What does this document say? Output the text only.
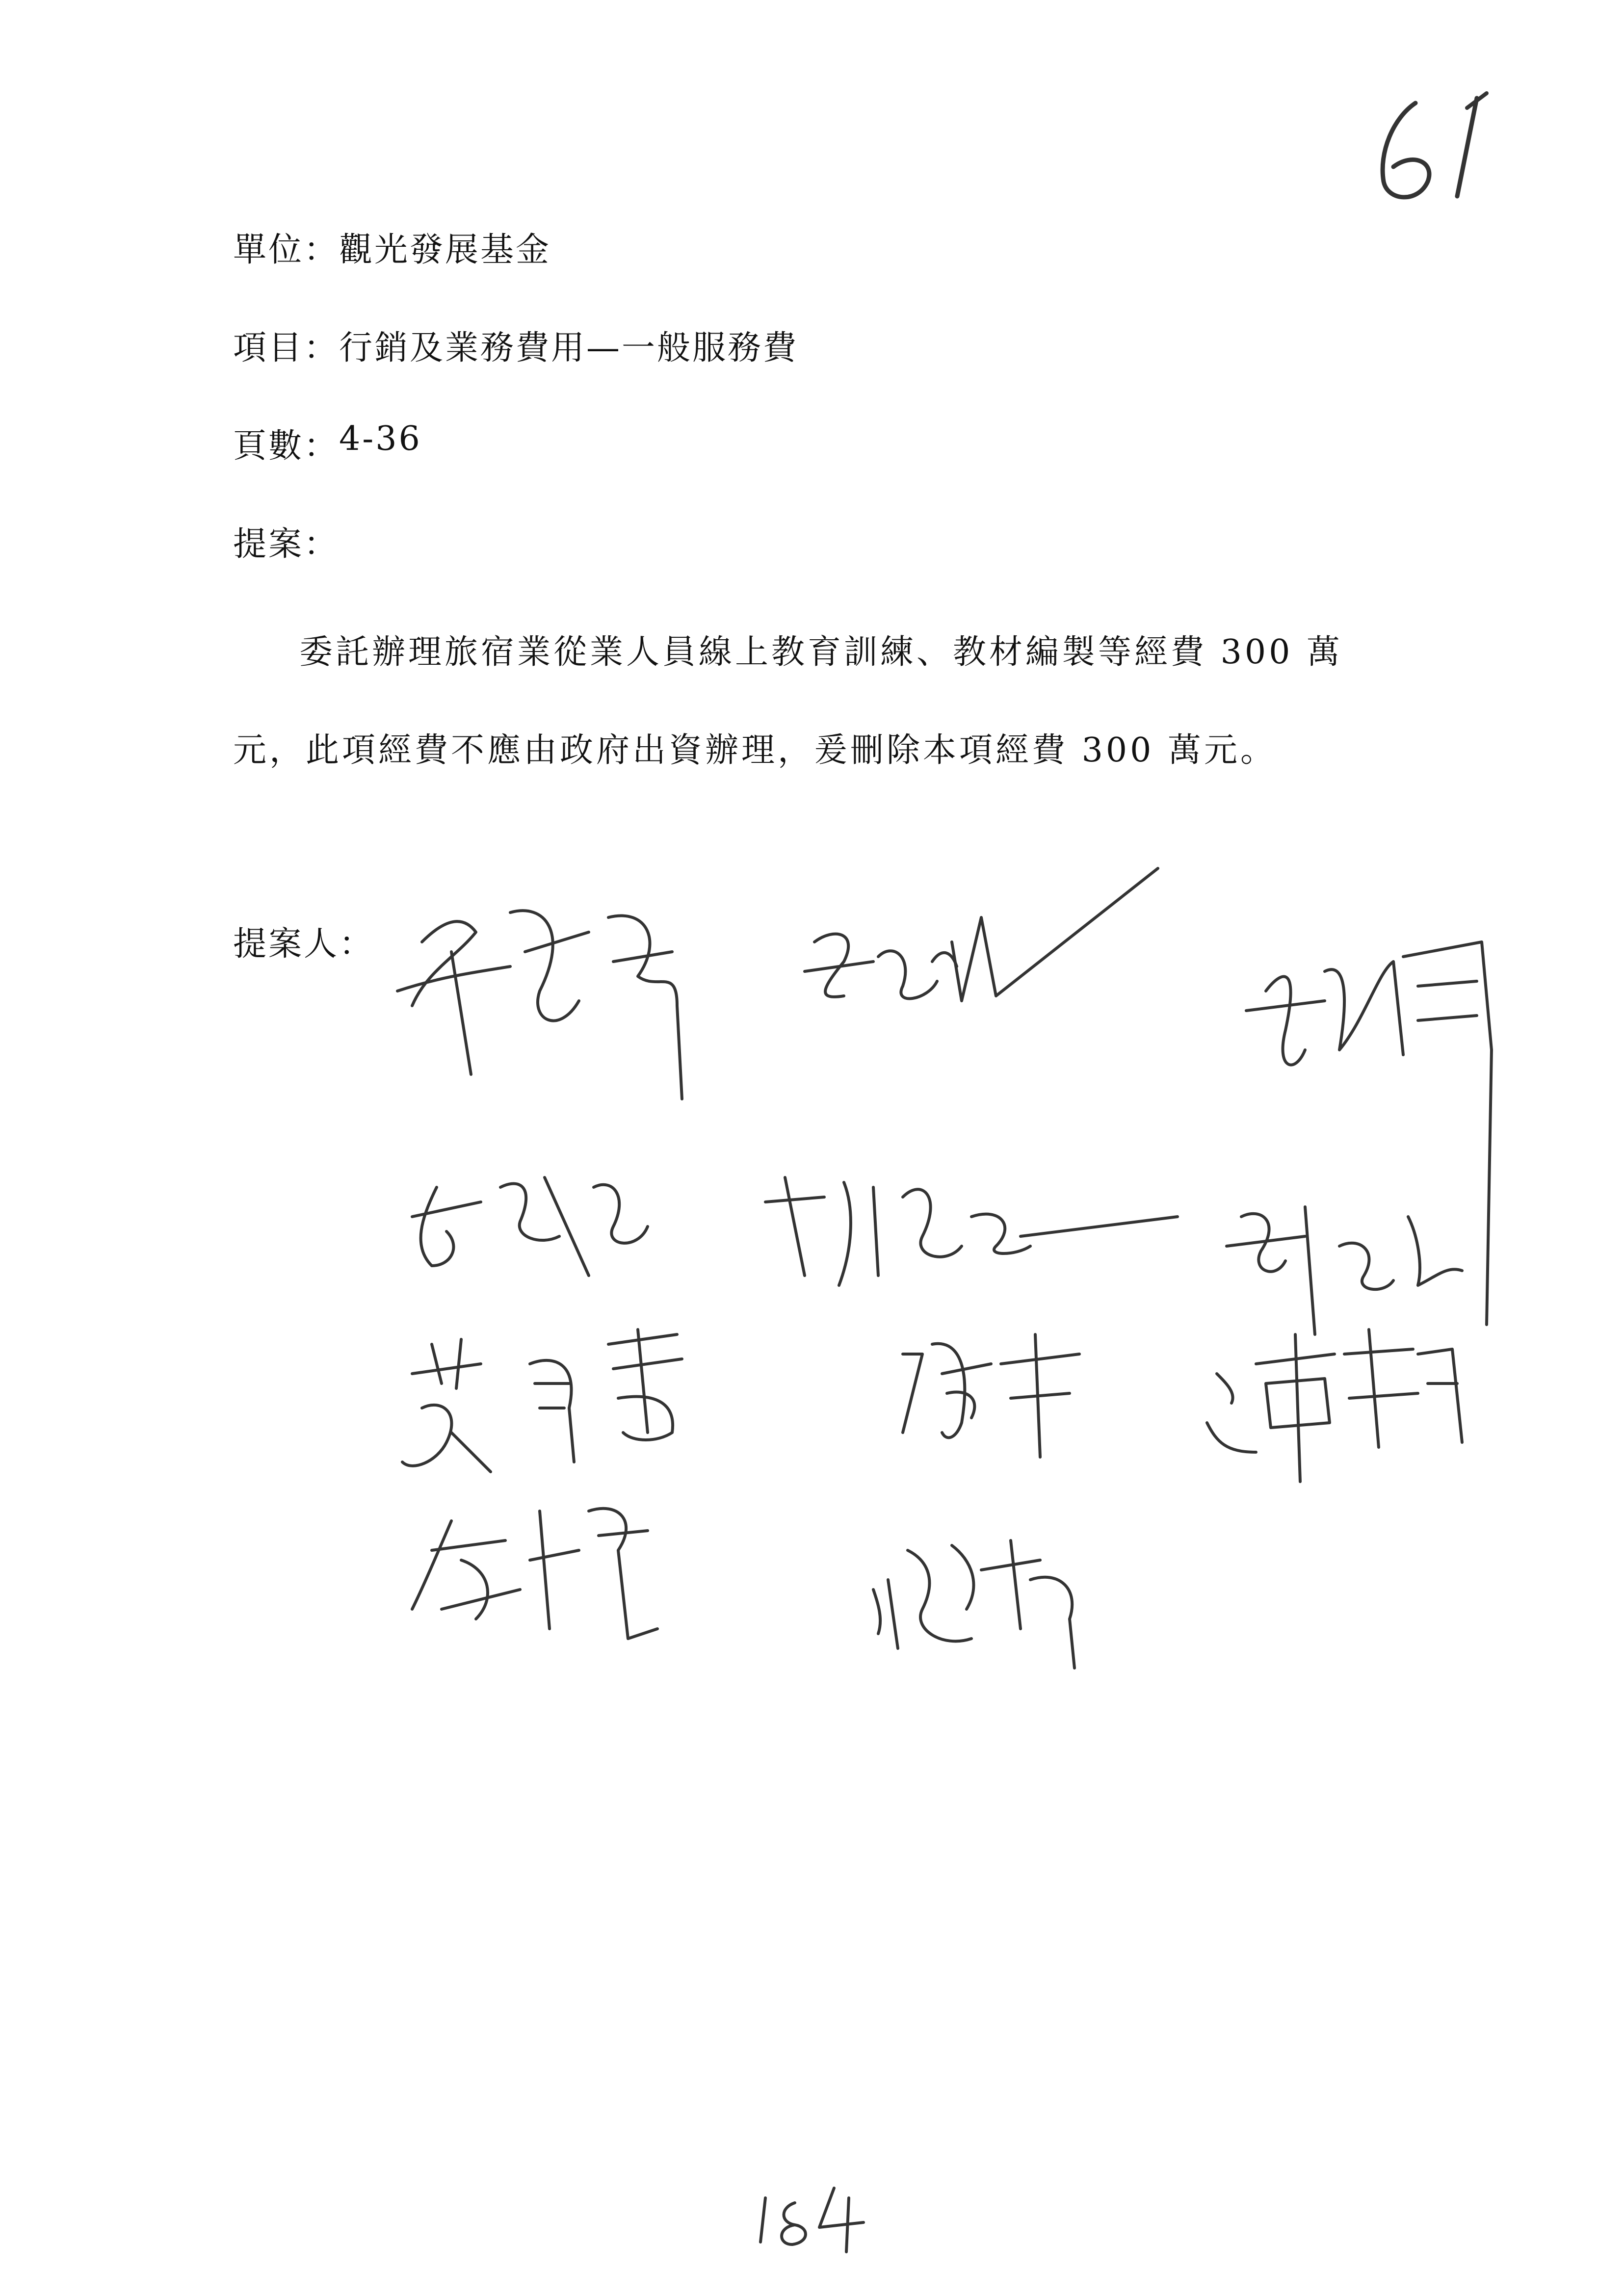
單位： 觀光發展基金
項目： 行銷及業務費用—一般服務費
頁數： 4-36
提案：
委託辦理旅宿業從業人員線上教育訓練、教材編製等經費 300 萬
元，此項經費不應由政府出資辦理，爰刪除本項經費 300 萬元。
提案人：
